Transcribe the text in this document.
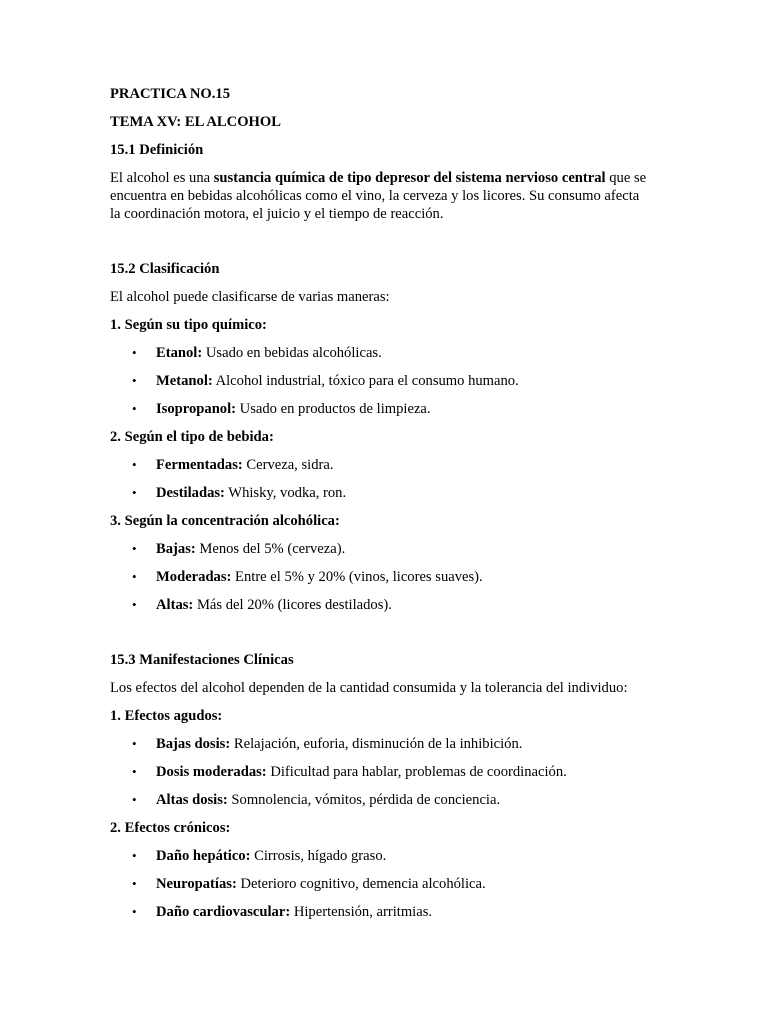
PRACTICA NO.15

TEMA XV: EL ALCOHOL

15.1 Definición

El alcohol es una sustancia química de tipo depresor del sistema nervioso central que se encuentra en bebidas alcohólicas como el vino, la cerveza y los licores. Su consumo afecta la coordinación motora, el juicio y el tiempo de reacción.

15.2 Clasificación

El alcohol puede clasificarse de varias maneras:

1. Según su tipo químico:

• Etanol: Usado en bebidas alcohólicas.
• Metanol: Alcohol industrial, tóxico para el consumo humano.
• Isopropanol: Usado en productos de limpieza.

2. Según el tipo de bebida:

• Fermentadas: Cerveza, sidra.
• Destiladas: Whisky, vodka, ron.

3. Según la concentración alcohólica:

• Bajas: Menos del 5% (cerveza).
• Moderadas: Entre el 5% y 20% (vinos, licores suaves).
• Altas: Más del 20% (licores destilados).

15.3 Manifestaciones Clínicas

Los efectos del alcohol dependen de la cantidad consumida y la tolerancia del individuo:

1. Efectos agudos:

• Bajas dosis: Relajación, euforia, disminución de la inhibición.
• Dosis moderadas: Dificultad para hablar, problemas de coordinación.
• Altas dosis: Somnolencia, vómitos, pérdida de conciencia.

2. Efectos crónicos:

• Daño hepático: Cirrosis, hígado graso.
• Neuropatías: Deterioro cognitivo, demencia alcohólica.
• Daño cardiovascular: Hipertensión, arritmias.
